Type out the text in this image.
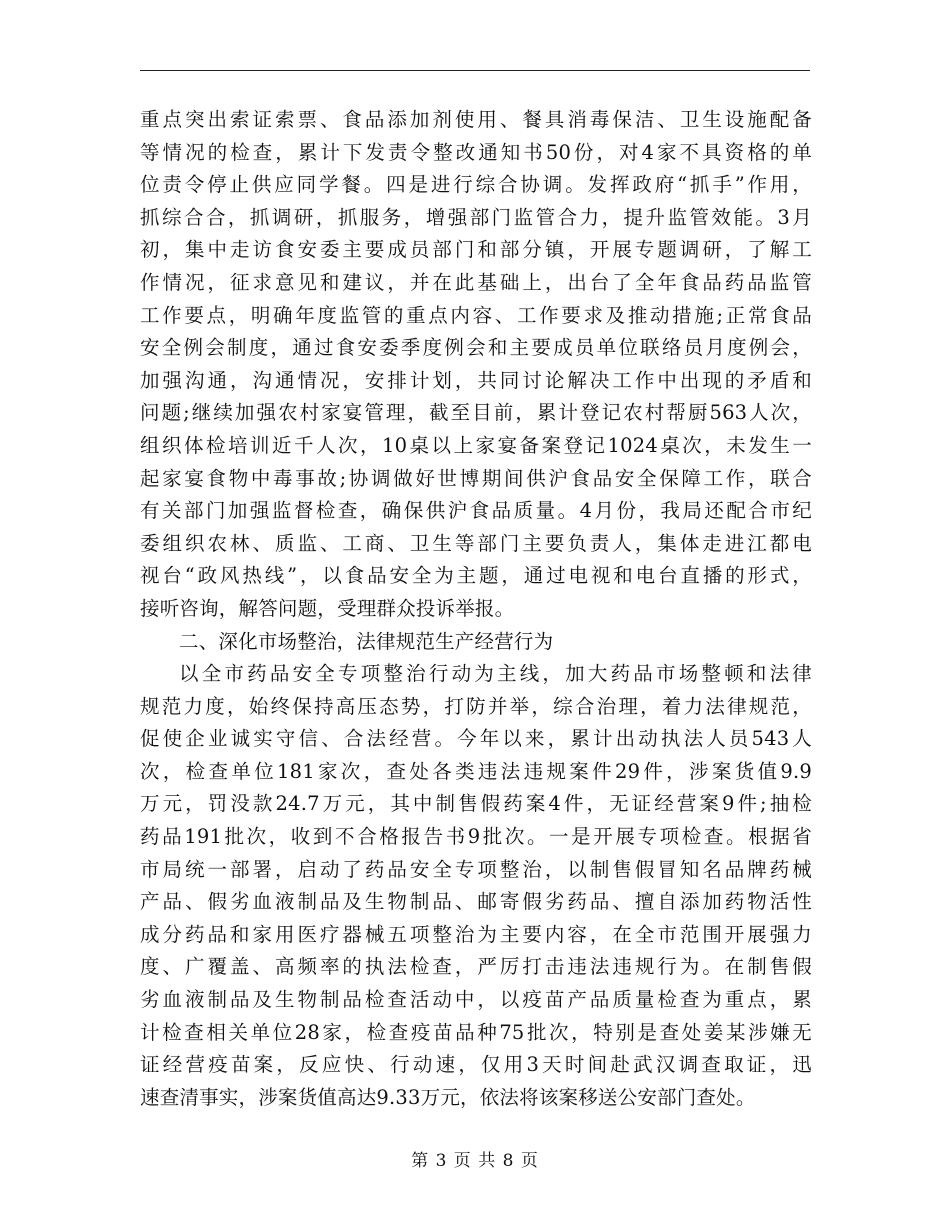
重点突出索证索票、食品添加剂使用、餐具消毒保洁、卫生设施配备
等情况的检查，累计下发责令整改通知书50份，对4家不具资格的单
位责令停止供应同学餐。四是进行综合协调。发挥政府“抓手”作用，
抓综合合，抓调研，抓服务，增强部门监管合力，提升监管效能。3月
初，集中走访食安委主要成员部门和部分镇，开展专题调研，了解工
作情况，征求意见和建议，并在此基础上，出台了全年食品药品监管
工作要点，明确年度监管的重点内容、工作要求及推动措施;正常食品
安全例会制度，通过食安委季度例会和主要成员单位联络员月度例会，
加强沟通，沟通情况，安排计划，共同讨论解决工作中出现的矛盾和
问题;继续加强农村家宴管理，截至目前，累计登记农村帮厨563人次，
组织体检培训近千人次，10桌以上家宴备案登记1024桌次，未发生一
起家宴食物中毒事故;协调做好世博期间供沪食品安全保障工作，联合
有关部门加强监督检查，确保供沪食品质量。4月份，我局还配合市纪
委组织农林、质监、工商、卫生等部门主要负责人，集体走进江都电
视台“政风热线”，以食品安全为主题，通过电视和电台直播的形式，
接听咨询，解答问题，受理群众投诉举报。
二、深化市场整治，法律规范生产经营行为
以全市药品安全专项整治行动为主线，加大药品市场整顿和法律
规范力度，始终保持高压态势，打防并举，综合治理，着力法律规范，
促使企业诚实守信、合法经营。今年以来，累计出动执法人员543人
次，检查单位181家次，查处各类违法违规案件29件，涉案货值9.9
万元，罚没款24.7万元，其中制售假药案4件，无证经营案9件;抽检
药品191批次，收到不合格报告书9批次。一是开展专项检查。根据省
市局统一部署，启动了药品安全专项整治，以制售假冒知名品牌药械
产品、假劣血液制品及生物制品、邮寄假劣药品、擅自添加药物活性
成分药品和家用医疗器械五项整治为主要内容，在全市范围开展强力
度、广覆盖、高频率的执法检查，严厉打击违法违规行为。在制售假
劣血液制品及生物制品检查活动中，以疫苗产品质量检查为重点，累
计检查相关单位28家，检查疫苗品种75批次，特别是查处姜某涉嫌无
证经营疫苗案，反应快、行动速，仅用3天时间赴武汉调查取证，迅
速查清事实，涉案货值高达9.33万元，依法将该案移送公安部门查处。
第 3 页 共 8 页
